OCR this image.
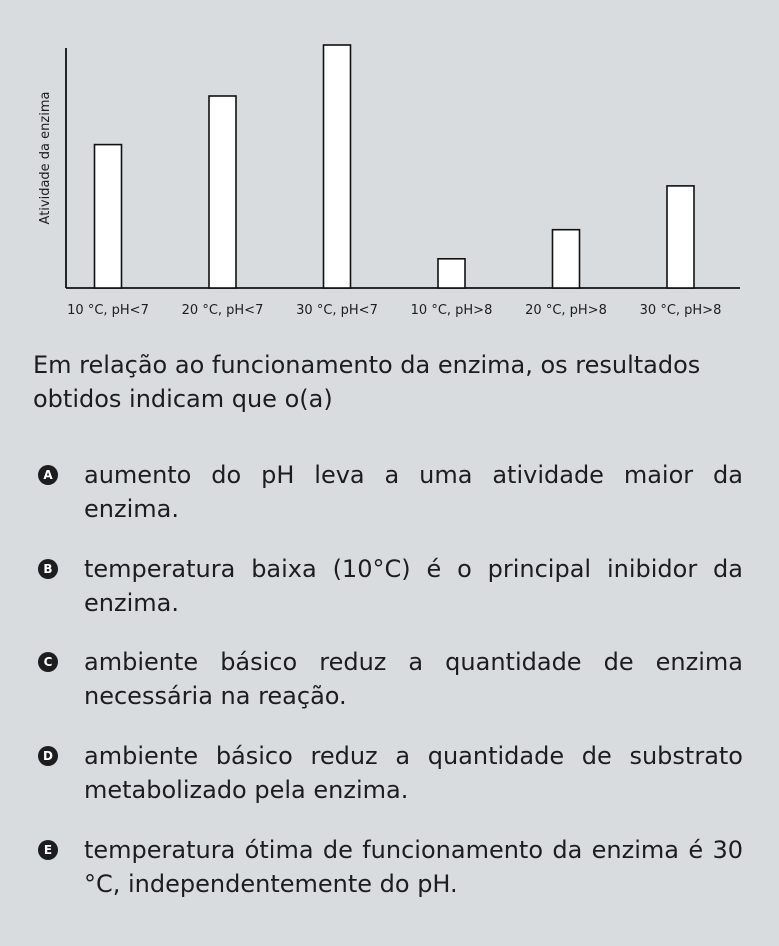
Atividade da enzima
10 °C, pH<7	20 °C, pH<7	30 °C, pH<7	10 °C, pH>8	20 °C, pH>8	30 °C, pH>8

Em relação ao funcionamento da enzima, os resultados obtidos indicam que o(a)

A	aumento do pH leva a uma atividade maior da enzima.
B	temperatura baixa (10°C) é o principal inibidor da enzima.
C	ambiente básico reduz a quantidade de enzima necessária na reação.
D	ambiente básico reduz a quantidade de substrato metabolizado pela enzima.
E	temperatura ótima de funcionamento da enzima é 30 °C, independentemente do pH.
